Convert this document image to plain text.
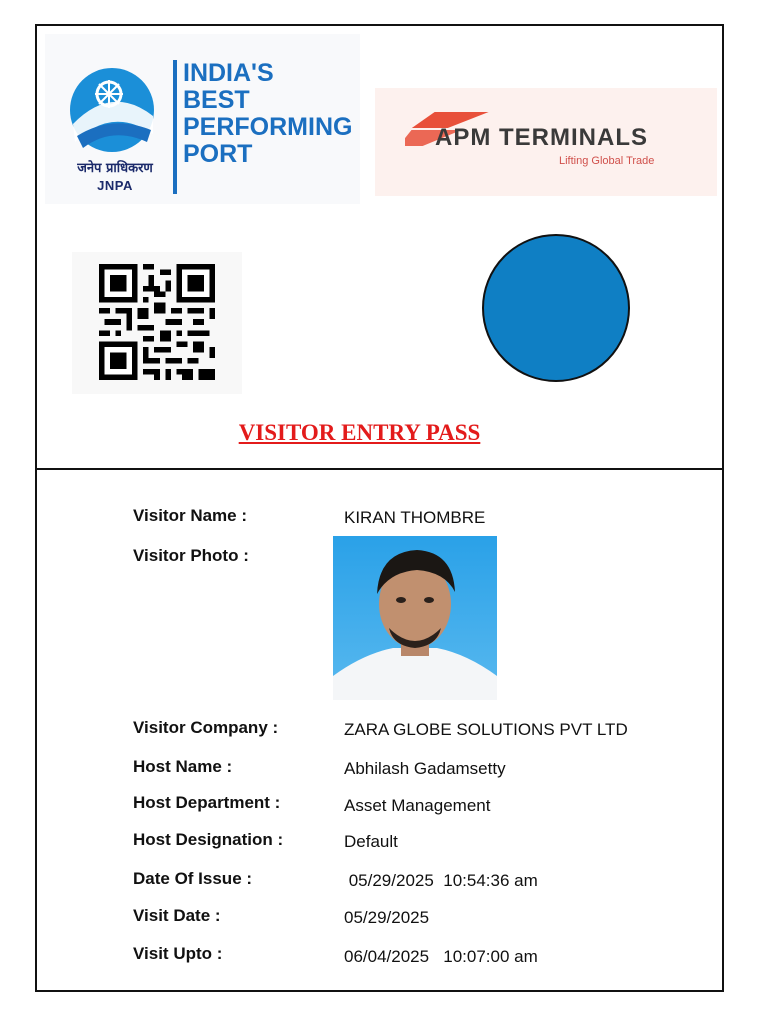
जनेप प्राधिकरण
JNPA
INDIA'S
BEST
PERFORMING
PORT
APM TERMINALS
Lifting Global Trade
VISITOR ENTRY PASS
Visitor Name :	KIRAN THOMBRE
Visitor Photo :
Visitor Company :	ZARA GLOBE SOLUTIONS PVT LTD
Host Name :	Abhilash Gadamsetty
Host Department :	Asset Management
Host Designation :	Default
Date Of Issue :	05/29/2025  10:54:36 am
Visit Date :	05/29/2025
Visit Upto :	06/04/2025   10:07:00 am
